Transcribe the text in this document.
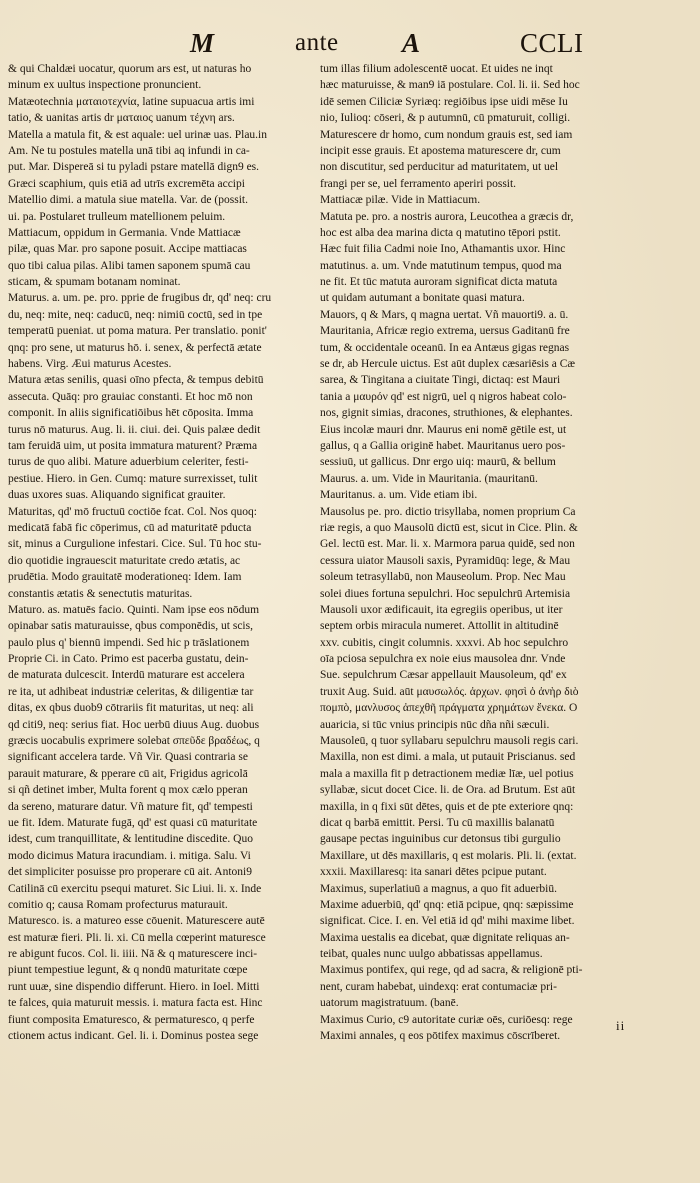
M	ante A	CCLI
& qui Chaldæi uocatur, quorum ars est, ut naturas ho
minum ex uultus inspectione pronuncient.
Matæotechnia ματαιοτεχνία, latine supuacua artis imi
tatio, & uanitas artis dr ματαιος uanum τέχνη ars.
Matella a matula fit, & est aquale: uel urinæ uas. Plau.in
Am. Ne tu postules matella unā tibi aq infundi in ca-
put. Mar. Dispereā si tu pyladi pstare matellā dign9 es.
Græci scaphium, quis etiā ad utrīs excremēta accipi
Matellio dimi. a matula siue matella. Var. de (possit.
ui. pa. Postularet trulleum matellionem peluim.
Mattiacum, oppidum in Germania. Vnde Mattiacæ
pilæ, quas Mar. pro sapone posuit. Accipe mattiacas
quo tibi calua pilas. Alibi tamen saponem spumā cau
sticam, & spumam botanam nominat.
Maturus. a. um. pe. pro. pprie de frugibus dr, qd' neq: cru
du, neq: mite, neq: caducū, neq: nimiū coctū, sed in tpe
temperatū pueniat. ut poma matura. Per translatio. ponit'
qnq: pro sene, ut maturus hō. i. senex, & perfectā ætate
habens. Virg. Æui maturus Acestes.
Matura ætas senilis, quasi oīno pfecta, & tempus debitū
assecuta. Quāq: pro grauiac constanti. Et hoc mō non
componit. In aliis significatiōibus hēt cōposita. Imma
turus nō maturus. Aug. li. ii. ciui. dei. Quis palæe dedit
tam feruidā uim, ut posita immatura maturent? Præma
turus de quo alibi. Mature aduerbium celeriter, festi-
pestiue. Hiero. in Gen. Cumq: mature surrexisset, tulit
duas uxores suas. Aliquando significat grauiter.
Maturitas, qd' mō fructuū coctiōe fcat. Col. Nos quoq:
medicatā fabā fic cōperimus, cū ad maturitatē pducta
sit, minus a Curgulione infestari. Cice. Sul. Tū hoc stu-
dio quotidie ingrauescit maturitate credo ætatis, ac
prudētia. Modo grauitatē moderationeq: Idem. Iam
constantis ætatis & senectutis maturitas.
Maturo. as. matuēs facio. Quinti. Nam ipse eos nōdum
opinabar satis maturauisse, qbus componēdis, ut scis,
paulo plus q' biennū impendi. Sed hic p trāslationem
Proprie Ci. in Cato. Primo est pacerba gustatu, dein-
de maturata dulcescit. Interdū maturare est accelera
re ita, ut adhibeat industriæ celeritas, & diligentiæ tar
ditas, ex qbus duob9 cōtrariis fit maturitas, ut neq: ali
qd citi9, neq: serius fiat. Hoc uerbū diuus Aug. duobus
græcis uocabulis exprimere solebat σπεῦδε βραδέως, q
significant accelera tarde. Vñ Vir. Quasi contraria se
parauit maturare, & pperare cū ait, Frigidus agricolā
si qñ detinet imber, Multa forent q mox cælo pperan
da sereno, maturare datur. Vñ mature fit, qd' tempesti
ue fit. Idem. Maturate fugā, qd' est quasi cū maturitate
idest, cum tranquillitate, & lentitudine discedite. Quo
modo dicimus Matura iracundiam. i. mitiga. Salu. Vi
det simpliciter posuisse pro properare cū ait. Antoni9
Catilinā cū exercitu psequi maturet. Sic Liui. li. x. Inde
comitio q; causa Romam profecturus maturauit.
Maturesco. is. a matureo esse cōuenit. Maturescere autē
est maturæ fieri. Pli. li. xi. Cū mella cœperint maturesce
re abigunt fucos. Col. li. iiii. Nā & q maturescere inci-
piunt tempestiue legunt, & q nondū maturitate cœpe
runt uuæ, sine dispendio differunt. Hiero. in Ioel. Mitti
te falces, quia maturuit messis. i. matura facta est. Hinc
fiunt composita Ematuresco, & permaturesco, q perfe
ctionem actus indicant. Gel. li. i. Dominus postea sege
tum illas filium adolescentē uocat. Et uides ne inqt
hæc maturuisse, & man9 iā postulare. Col. li. ii. Sed hoc
idē semen Ciliciæ Syriæq: regiōibus ipse uidi mēse Iu
nio, Iulioq: cōseri, & p autumnū, cū pmaturuit, colligi.
Maturescere dr homo, cum nondum grauis est, sed iam
incipit esse grauis. Et apostema maturescere dr, cum
non discutitur, sed perducitur ad maturitatem, ut uel
frangi per se, uel ferramento aperiri possit.
Mattiacæ pilæ. Vide in Mattiacum.
Matuta pe. pro. a nostris aurora, Leucothea a græcis dr,
hoc est alba dea marina dicta q matutino tēpori pstit.
Hæc fuit filia Cadmi noie Ino, Athamantis uxor. Hinc
matutinus. a. um. Vnde matutinum tempus, quod ma
ne fit. Et tūc matuta auroram significat dicta matuta
ut quidam autumant a bonitate quasi matura.
Mauors, q & Mars, q magna uertat. Vñ mauorti9. a. ū.
Mauritania, Africæ regio extrema, uersus Gaditanū fre
tum, & occidentale oceanū. In ea Antæus gigas regnas
se dr, ab Hercule uictus. Est aūt duplex cæsariēsis a Cæ
sarea, & Tingitana a ciuitate Tingi, dictaq: est Mauri
tania a μαυρόν qd' est nigrū, uel q nigros habeat colo-
nos, gignit simias, dracones, struthiones, & elephantes.
Eius incolæ mauri dnr. Maurus eni nomē gētile est, ut
gallus, q a Gallia originē habet. Mauritanus uero pos-
sessiuū, ut gallicus. Dnr ergo uiq: maurū, & bellum
Maurus. a. um. Vide in Mauritania. (mauritanū.
Mauritanus. a. um. Vide etiam ibi.
Mausolus pe. pro. dictio trisyllaba, nomen proprium Ca
riæ regis, a quo Mausolū dictū est, sicut in Cice. Plin. &
Gel. lectū est. Mar. li. x. Marmora parua quidē, sed non
cessura uiator Mausoli saxis, Pyramidūq: lege, & Mau
soleum tetrasyllabū, non Mauseolum. Prop. Nec Mau
solei diues fortuna sepulchri. Hoc sepulchrū Artemisia
Mausoli uxor ædificauit, ita egregiis operibus, ut iter
septem orbis miracula numeret. Attollit in altitudinē
xxv. cubitis, cingit columnis. xxxvi. Ab hoc sepulchro
oīa pciosa sepulchra ex noie eius mausolea dnr. Vnde
Sue. sepulchrum Cæsar appellauit Mausoleum, qd' ex
truxit Aug. Suid. aūt μαυσωλός. ἀρχων. φησὶ ὁ ἀνὴρ διὸ
πομπὸ, μανλυσος ἀπεχθῆ πράγματα χρημάτων ἕνεκα. O
auaricia, si tūc vnius principis nūc dña nñi sæculi.
Mausoleū, q tuor syllabaru sepulchru mausoli regis cari.
Maxilla, non est dimi. a mala, ut putauit Priscianus. sed
mala a maxilla fit p detractionem mediæ līæ, uel potius
syllabæ, sicut docet Cice. li. de Ora. ad Brutum. Est aūt
maxilla, in q fixi sūt dētes, quis et de pte exteriore qnq:
dicat q barbā emittit. Persi. Tu cū maxillis balanatū
gausape pectas inguinibus cur detonsus tibi gurgulio
Maxillare, ut dēs maxillaris, q est molaris. Pli. li. (extat.
xxxii. Maxillaresq: ita sanari dētes pcipue putant.
Maximus, superlatiuū a magnus, a quo fit aduerbiū.
Maxime aduerbiū, qd' qnq: etiā pcipue, qnq: sæpissime
significat. Cice. I. en. Vel etiā id qd' mihi maxime libet.
Maxima uestalis ea dicebat, quæ dignitate reliquas an-
teibat, quales nunc uulgo abbatissas appellamus.
Maximus pontifex, qui rege, qd ad sacra, & religionē pti-
nent, curam habebat, uindexq: erat contumaciæ pri-
uatorum magistratuum. (banē.
Maximus Curio, c9 autoritate curiæ oēs, curiōesq: rege
Maximi annales, q eos pōtifex maximus cōscrīberet.
ii
